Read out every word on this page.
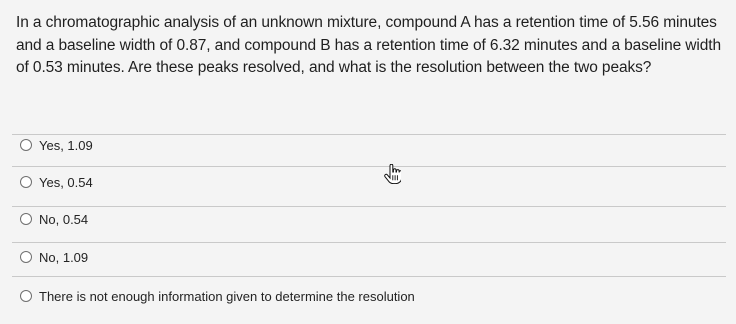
In a chromatographic analysis of an unknown mixture, compound A has a retention time of 5.56 minutes and a baseline width of 0.87, and compound B has a retention time of 6.32 minutes and a baseline width of 0.53 minutes. Are these peaks resolved, and what is the resolution between the two peaks?

Yes, 1.09
Yes, 0.54
No, 0.54
No, 1.09
There is not enough information given to determine the resolution
